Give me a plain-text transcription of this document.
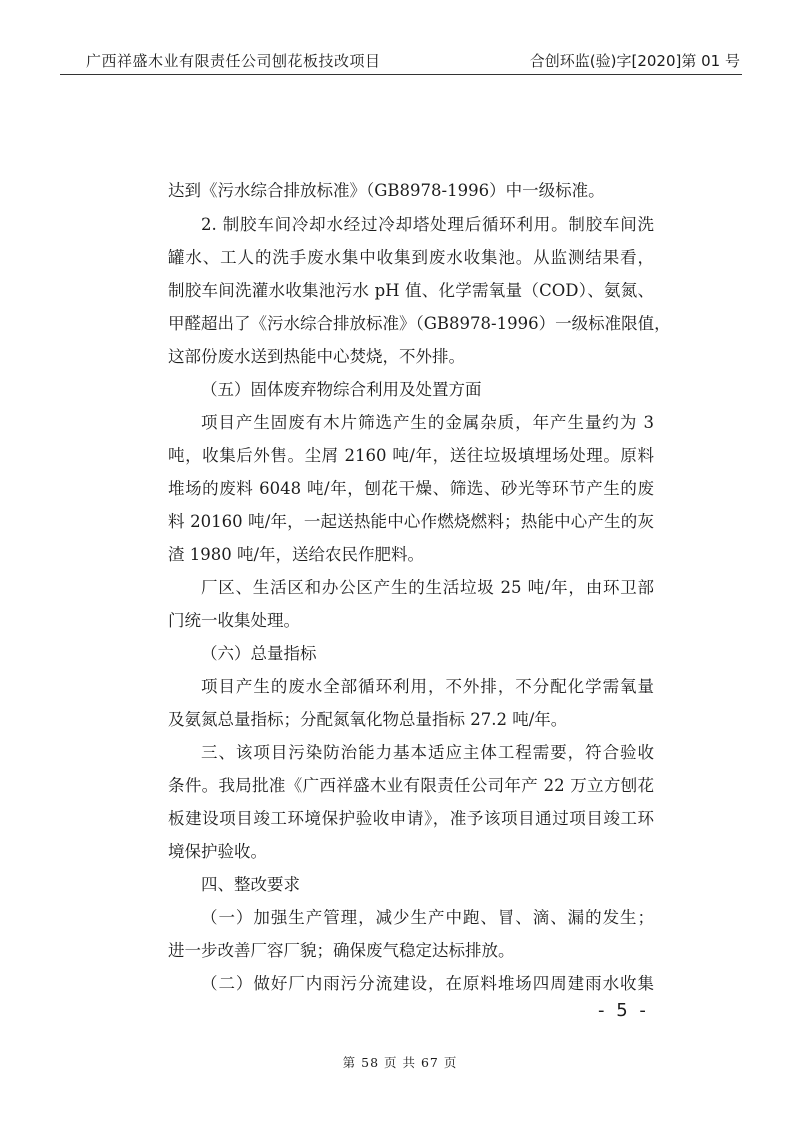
广西祥盛木业有限责任公司刨花板技改项目	合创环监(验)字[2020]第 01 号
达到《污水综合排放标准》（GB8978-1996）中一级标准。
2. 制胶车间冷却水经过冷却塔处理后循环利用。制胶车间洗
罐水、工人的洗手废水集中收集到废水收集池。从监测结果看，
制胶车间洗灌水收集池污水 pH 值、化学需氧量（COD）、氨氮、
甲醛超出了《污水综合排放标准》（GB8978-1996）一级标准限值，
这部份废水送到热能中心焚烧，不外排。
（五）固体废弃物综合利用及处置方面
项目产生固废有木片筛选产生的金属杂质，年产生量约为 3
吨，收集后外售。尘屑 2160 吨/年，送往垃圾填埋场处理。原料
堆场的废料 6048 吨/年，刨花干燥、筛选、砂光等环节产生的废
料 20160 吨/年，一起送热能中心作燃烧燃料；热能中心产生的灰
渣 1980 吨/年，送给农民作肥料。
厂区、生活区和办公区产生的生活垃圾 25 吨/年，由环卫部
门统一收集处理。
（六）总量指标
项目产生的废水全部循环利用，不外排，不分配化学需氧量
及氨氮总量指标；分配氮氧化物总量指标 27.2 吨/年。
三、该项目污染防治能力基本适应主体工程需要，符合验收
条件。我局批准《广西祥盛木业有限责任公司年产 22 万立方刨花
板建设项目竣工环境保护验收申请》，准予该项目通过项目竣工环
境保护验收。
四、整改要求
（一）加强生产管理，减少生产中跑、冒、滴、漏的发生；
进一步改善厂容厂貌；确保废气稳定达标排放。
（二）做好厂内雨污分流建设，在原料堆场四周建雨水收集
- 5 -
第 58 页 共 67 页
